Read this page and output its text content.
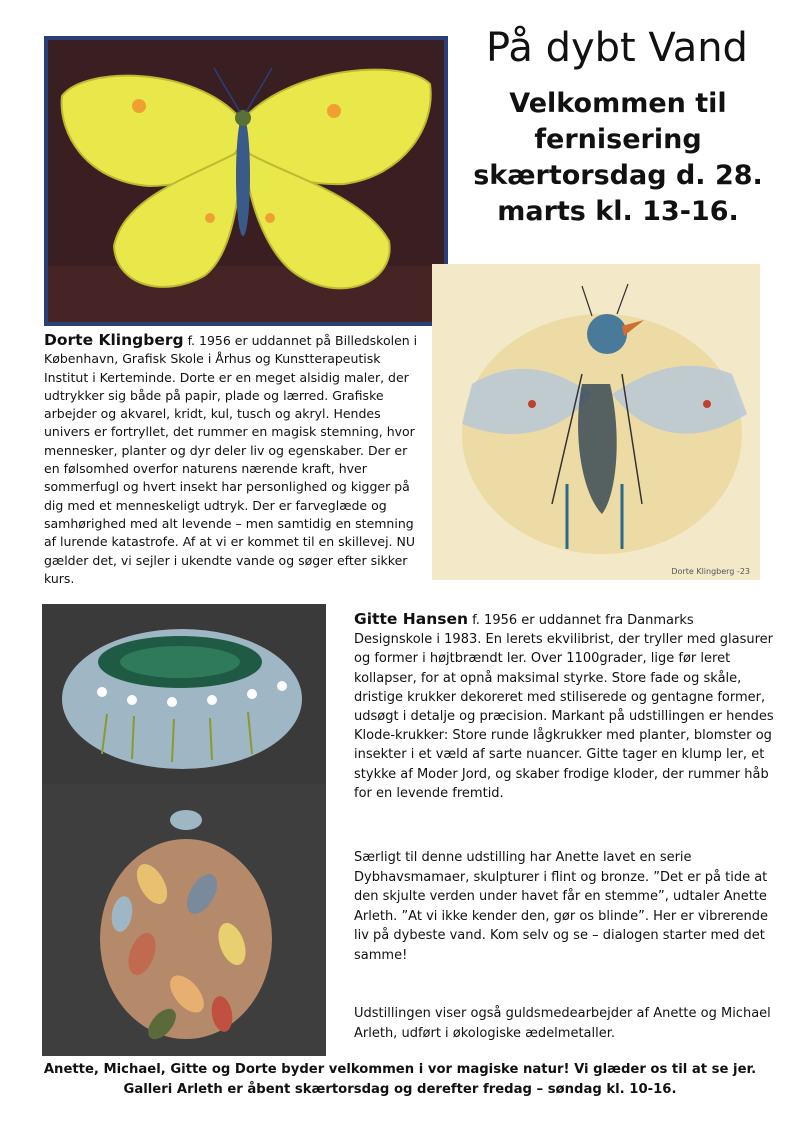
På dybt Vand
Velkommen til fernisering skærtorsdag d. 28. marts kl. 13-16.

Dorte Klingberg f. 1956 er uddannet på Billedskolen i København, Grafisk Skole i Århus og Kunstterapeutisk Institut i Kerteminde. Dorte er en meget alsidig maler, der udtrykker sig både på papir, plade og lærred. Grafiske arbejder og akvarel, kridt, kul, tusch og akryl. Hendes univers er fortryllet, det rummer en magisk stemning, hvor mennesker, planter og dyr deler liv og egenskaber. Der er en følsomhed overfor naturens nærende kraft, hver sommerfugl og hvert insekt har personlighed og kigger på dig med et menneskeligt udtryk. Der er farveglæde og samhørighed med alt levende – men samtidig en stemning af lurende katastrofe. Af at vi er kommet til en skillevej. NU gælder det, vi sejler i ukendte vande og søger efter sikker kurs.	Dorte Klingberg -23

Gitte Hansen f. 1956 er uddannet fra Danmarks Designskole i 1983. En lerets ekvilibrist, der tryller med glasurer og former i højtbrændt ler. Over 1100grader, lige før leret kollapser, for at opnå maksimal styrke. Store fade og skåle, dristige krukker dekoreret med stiliserede og gentagne former, udsøgt i detalje og præcision. Markant på udstillingen er hendes Klode-krukker: Store runde lågkrukker med planter, blomster og insekter i et væld af sarte nuancer. Gitte tager en klump ler, et stykke af Moder Jord, og skaber frodige kloder, der rummer håb for en levende fremtid.

Særligt til denne udstilling har Anette lavet en serie Dybhavsmamaer, skulpturer i flint og bronze. ”Det er på tide at den skjulte verden under havet får en stemme”, udtaler Anette Arleth. ”At vi ikke kender den, gør os blinde”. Her er vibrerende liv på dybeste vand. Kom selv og se – dialogen starter med det samme!

Udstillingen viser også guldsmedearbejder af Anette og Michael Arleth, udført i økologiske ædelmetaller.

Anette, Michael, Gitte og Dorte byder velkommen i vor magiske natur! Vi glæder os til at se jer.
Galleri Arleth er åbent skærtorsdag og derefter fredag – søndag kl. 10-16.
